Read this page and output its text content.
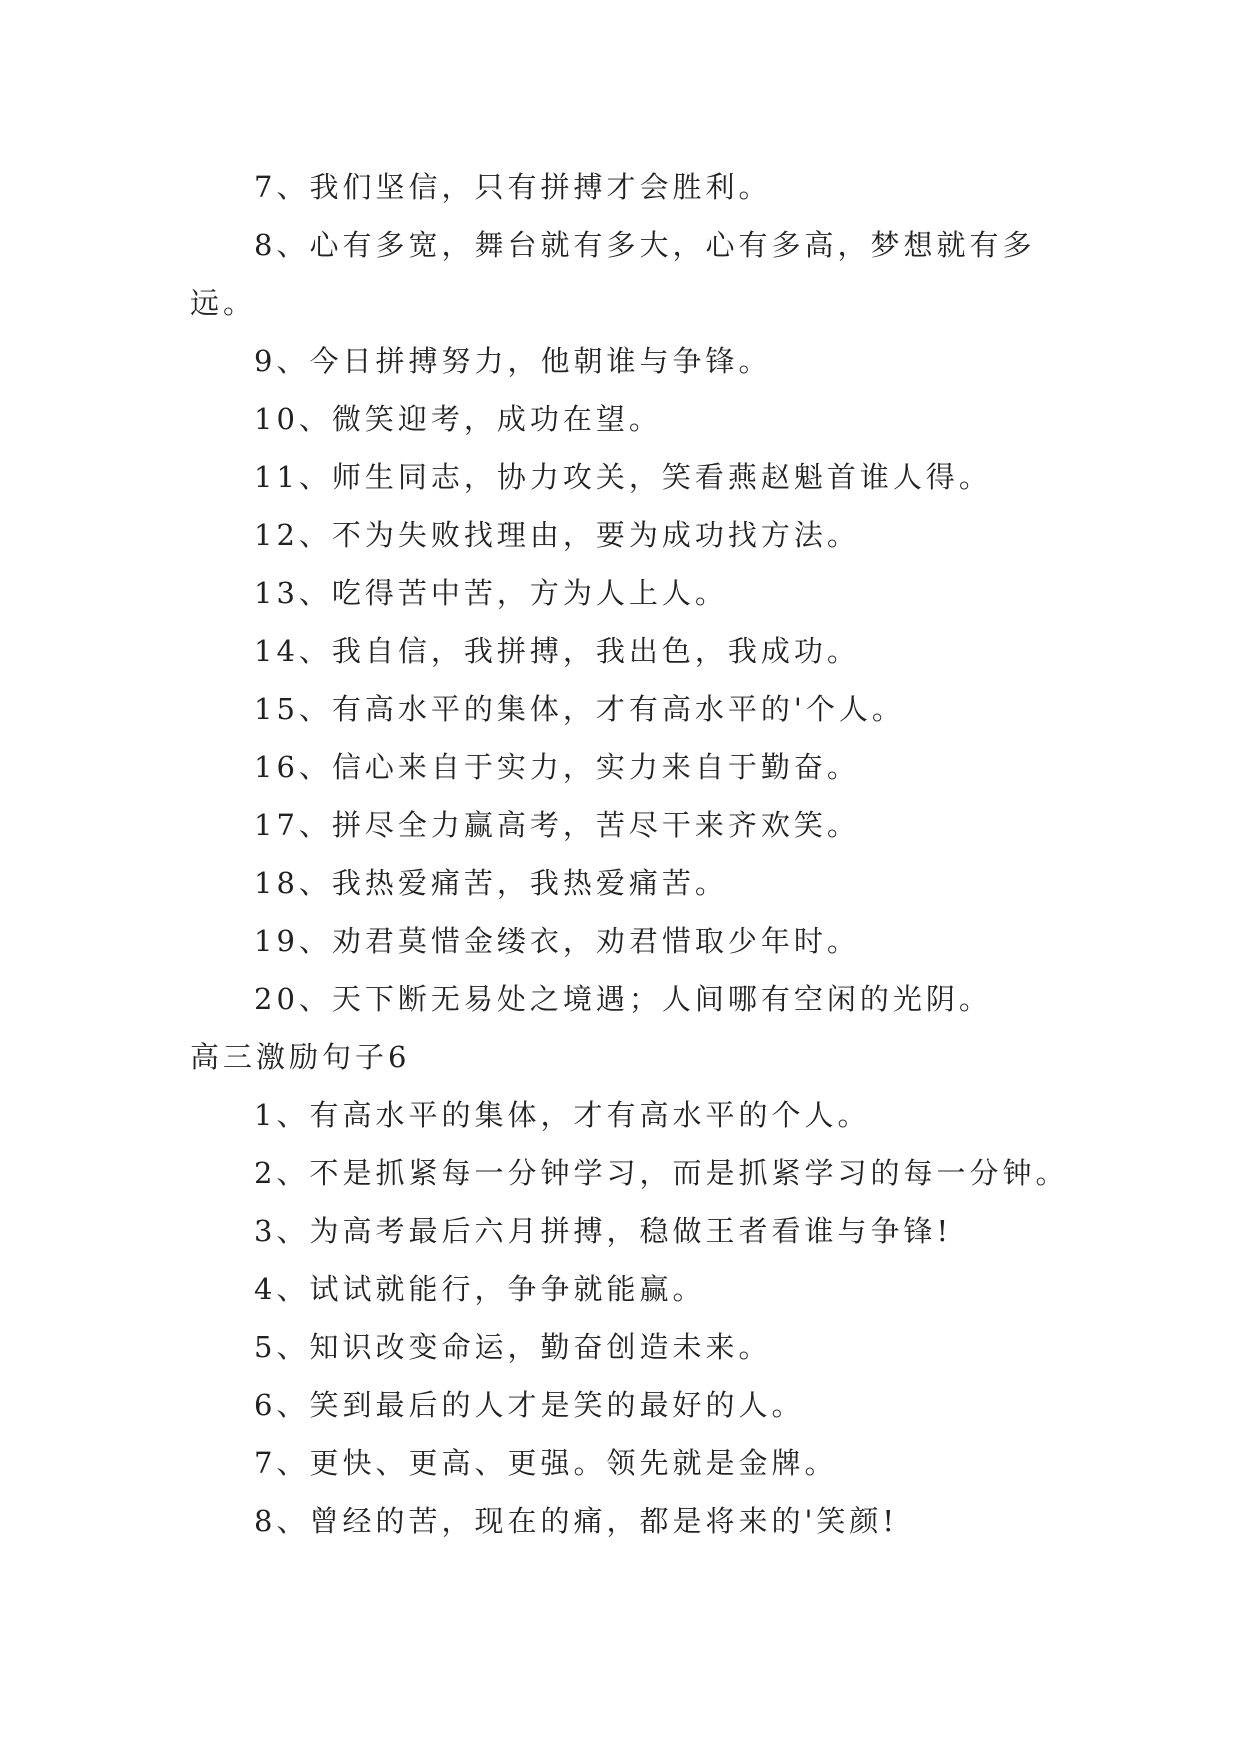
7、我们坚信，只有拼搏才会胜利。

8、心有多宽，舞台就有多大，心有多高，梦想就有多远。

9、今日拼搏努力，他朝谁与争锋。

10、微笑迎考，成功在望。

11、师生同志，协力攻关，笑看燕赵魁首谁人得。

12、不为失败找理由，要为成功找方法。

13、吃得苦中苦，方为人上人。

14、我自信，我拼搏，我出色，我成功。

15、有高水平的集体，才有高水平的'个人。

16、信心来自于实力，实力来自于勤奋。

17、拼尽全力赢高考，苦尽干来齐欢笑。

18、我热爱痛苦，我热爱痛苦。

19、劝君莫惜金缕衣，劝君惜取少年时。

20、天下断无易处之境遇；人间哪有空闲的光阴。

高三激励句子6

1、有高水平的集体，才有高水平的个人。

2、不是抓紧每一分钟学习，而是抓紧学习的每一分钟。

3、为高考最后六月拼搏，稳做王者看谁与争锋!

4、试试就能行，争争就能赢。

5、知识改变命运，勤奋创造未来。

6、笑到最后的人才是笑的最好的人。

7、更快、更高、更强。领先就是金牌。

8、曾经的苦，现在的痛，都是将来的'笑颜!
